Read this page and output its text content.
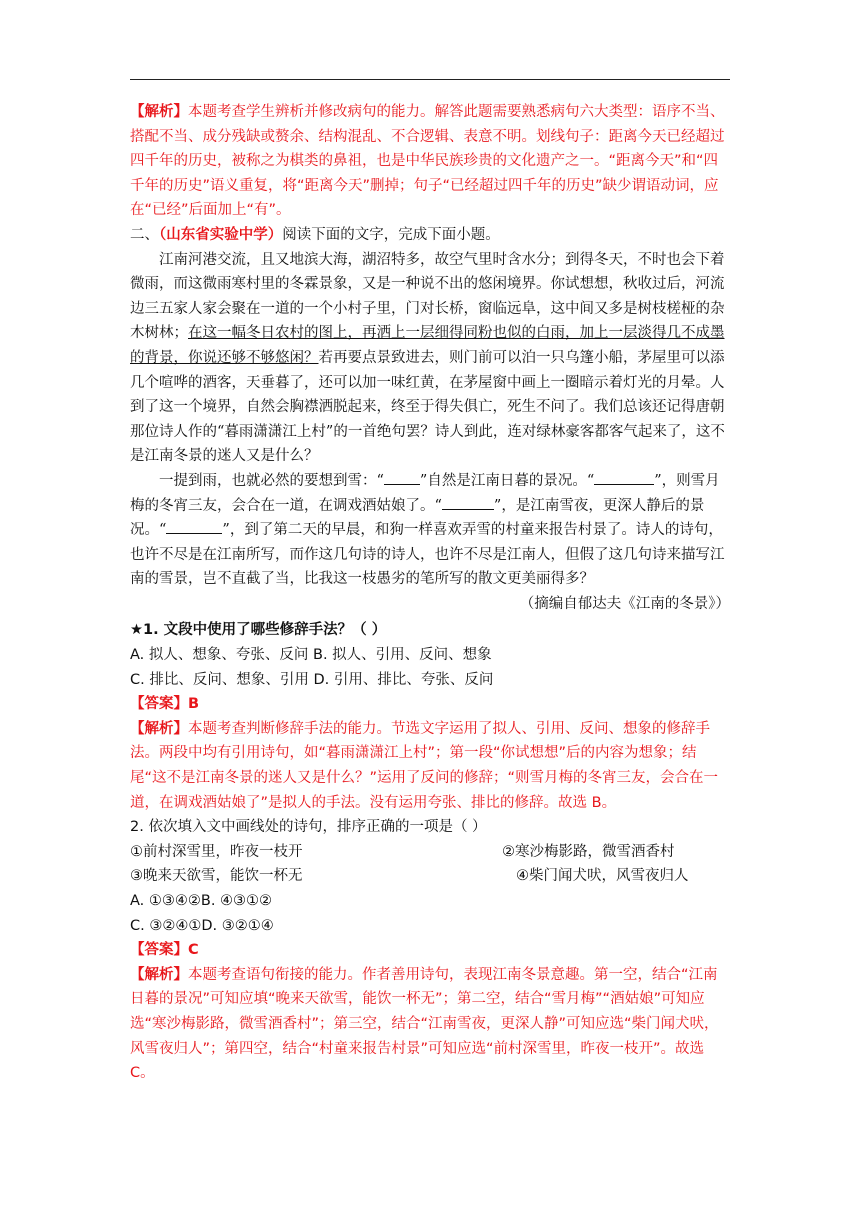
【解析】本题考查学生辨析并修改病句的能力。解答此题需要熟悉病句六大类型：语序不当、搭配不当、成分残缺或赘余、结构混乱、不合逻辑、表意不明。划线句子：距离今天已经超过四千年的历史，被称之为棋类的鼻祖，也是中华民族珍贵的文化遗产之一。“距离今天”和“四千年的历史”语义重复，将“距离今天”删掉；句子“已经超过四千年的历史”缺少谓语动词，应在“已经”后面加上“有”。

二、（山东省实验中学）阅读下面的文字，完成下面小题。

江南河港交流，且又地滨大海，湖沼特多，故空气里时含水分；到得冬天，不时也会下着微雨，而这微雨寒村里的冬霖景象，又是一种说不出的悠闲境界。你试想想，秋收过后，河流边三五家人家会聚在一道的一个小村子里，门对长桥，窗临远阜，这中间又多是树枝槎桠的杂木树林；在这一幅冬日农村的图上，再洒上一层细得同粉也似的白雨，加上一层淡得几不成墨的背景，你说还够不够悠闲？若再要点景致进去，则门前可以泊一只乌篷小船，茅屋里可以添几个喧哗的酒客，天垂暮了，还可以加一味红黄，在茅屋窗中画上一圈暗示着灯光的月晕。人到了这一个境界，自然会胸襟洒脱起来，终至于得失俱亡，死生不问了。我们总该还记得唐朝那位诗人作的“暮雨潇潇江上村”的一首绝句罢？诗人到此，连对绿林豪客都客气起来了，这不是江南冬景的迷人又是什么？

一提到雨，也就必然的要想到雪：“ ”自然是江南日暮的景况。“	”，则雪月梅的冬宵三友，会合在一道，在调戏酒姑娘了。“	”，是江南雪夜，更深人静后的景况。“	”，到了第二天的早晨，和狗一样喜欢弄雪的村童来报告村景了。诗人的诗句，也许不尽是在江南所写，而作这几句诗的诗人，也许不尽是江南人，但假了这几句诗来描写江南的雪景，岂不直截了当，比我这一枝愚劣的笔所写的散文更美丽得多？

（摘编自郁达夫《江南的冬景》）

★1. 文段中使用了哪些修辞手法？（ ）

A. 拟人、想象、夸张、反问 B. 拟人、引用、反问、想象

C. 排比、反问、想象、引用 D. 引用、排比、夸张、反问

【答案】B

【解析】本题考查判断修辞手法的能力。节选文字运用了拟人、引用、反问、想象的修辞手法。两段中均有引用诗句，如“暮雨潇潇江上村”；第一段“你试想想”后的内容为想象；结尾“这不是江南冬景的迷人又是什么？”运用了反问的修辞；“则雪月梅的冬宵三友，会合在一道，在调戏酒姑娘了”是拟人的手法。没有运用夸张、排比的修辞。故选 B。

2. 依次填入文中画线处的诗句，排序正确的一项是（ ）

①前村深雪里，昨夜一枝开	②寒沙梅影路，微雪酒香村

③晚来天欲雪，能饮一杯无	④柴门闻犬吠，风雪夜归人

A. ①③④②B. ④③①②

C. ③②④①D. ③②①④

【答案】C

【解析】本题考查语句衔接的能力。作者善用诗句，表现江南冬景意趣。第一空，结合“江南日暮的景况”可知应填“晚来天欲雪，能饮一杯无”；第二空，结合“雪月梅”“酒姑娘”可知应选“寒沙梅影路，微雪酒香村”；第三空，结合“江南雪夜，更深人静”可知应选“柴门闻犬吠，风雪夜归人”；第四空，结合“村童来报告村景”可知应选“前村深雪里，昨夜一枝开”。故选 C。
